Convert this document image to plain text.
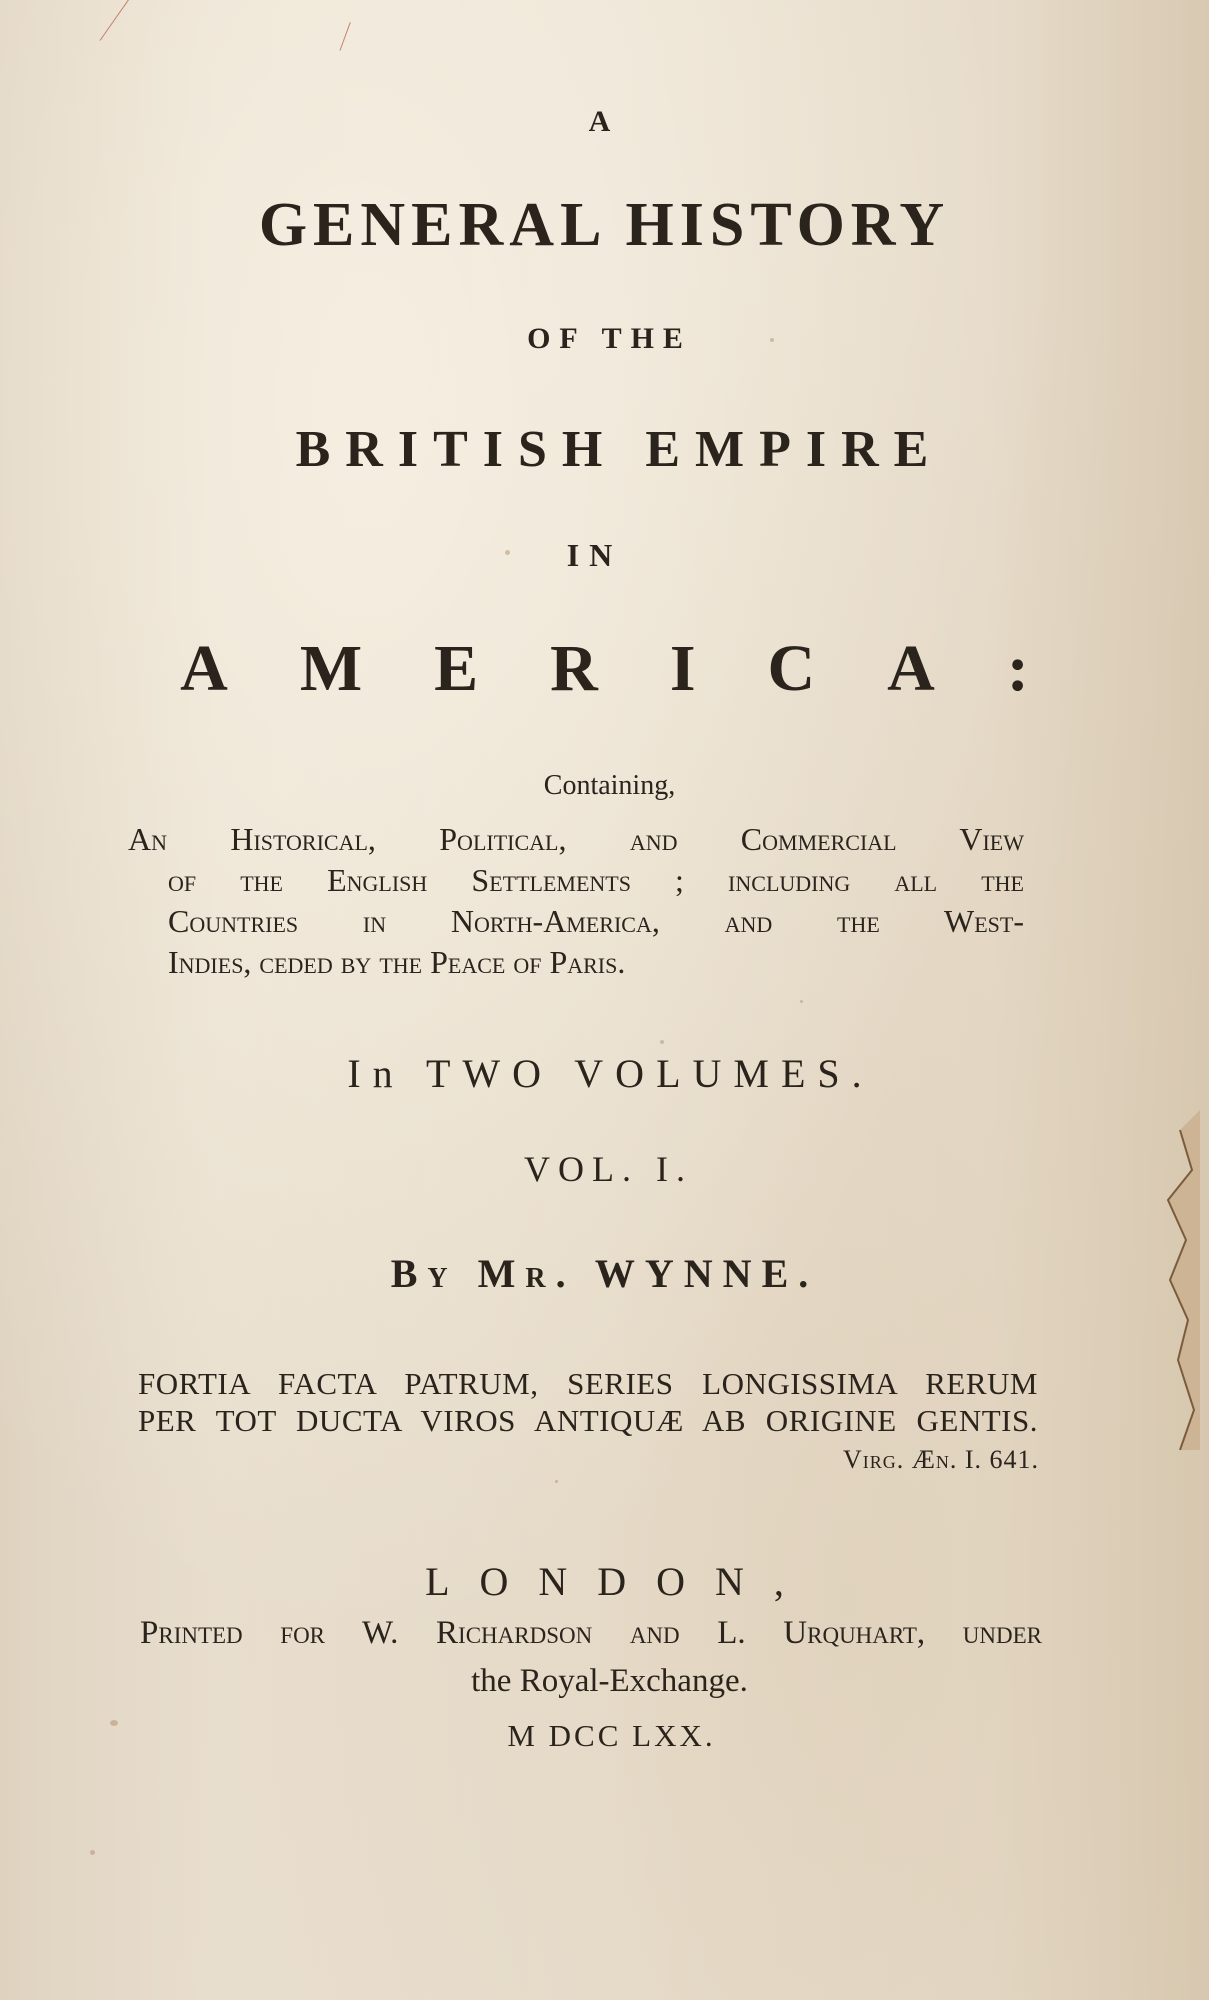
A
GENERAL HISTORY
OF THE
BRITISH EMPIRE
IN
AMERICA:
Containing,
An Historical, Political, and Commercial View
of the English Settlements ; including all the
Countries in North-America, and the West-
Indies, ceded by the Peace of Paris.
In TWO VOLUMES.
VOL. I.
By Mr. WYNNE.
FORTIA FACTA PATRUM, SERIES LONGISSIMA RERUM
PER TOT DUCTA VIROS ANTIQUÆ AB ORIGINE GENTIS.
Virg. Æn. I. 641.
LONDON,
Printed for W. Richardson and L. Urquhart, under
the Royal-Exchange.
M DCC LXX.
